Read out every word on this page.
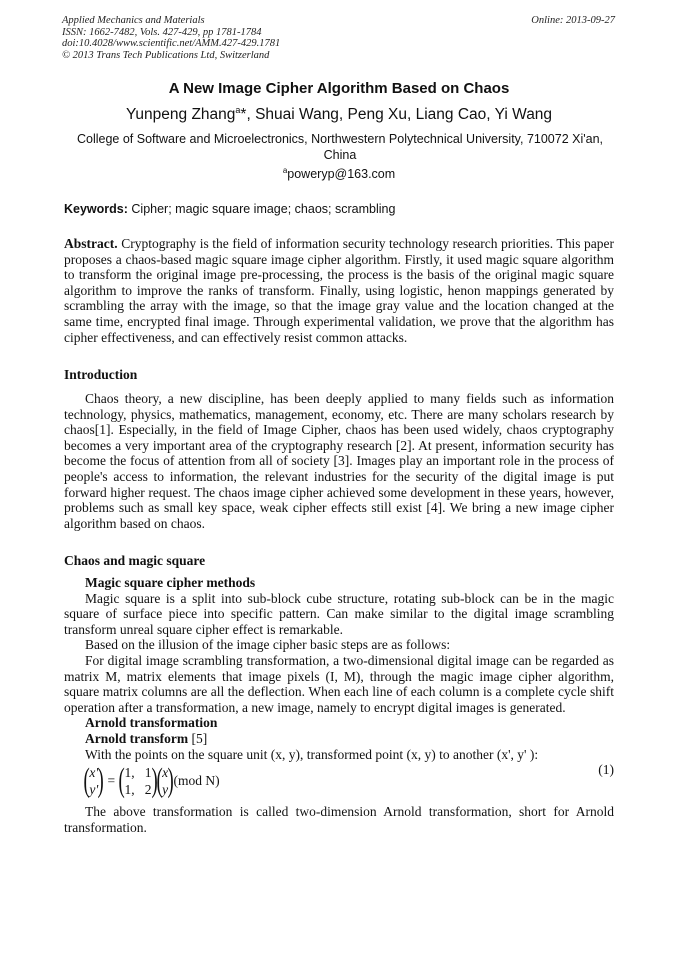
Applied Mechanics and Materials
ISSN: 1662-7482, Vols. 427-429, pp 1781-1784
doi:10.4028/www.scientific.net/AMM.427-429.1781
© 2013 Trans Tech Publications Ltd, Switzerland
Online: 2013-09-27
A New Image Cipher Algorithm Based on Chaos
Yunpeng Zhang$^a$*, Shuai Wang, Peng Xu, Liang Cao, Yi Wang
College of Software and Microelectronics, Northwestern Polytechnical University, 710072 Xi'an, China
$^a$poweryp@163.com
Keywords: Cipher; magic square image; chaos; scrambling
Abstract. Cryptography is the field of information security technology research priorities. This paper proposes a chaos-based magic square image cipher algorithm. Firstly, it used magic square algorithm to transform the original image pre-processing, the process is the basis of the original magic square algorithm to improve the ranks of transform. Finally, using logistic, henon mappings generated by scrambling the array with the image, so that the image gray value and the location changed at the same time, encrypted final image. Through experimental validation, we prove that the algorithm has cipher effectiveness, and can effectively resist common attacks.
Introduction

Chaos theory, a new discipline, has been deeply applied to many fields such as information technology, physics, mathematics, management, economy, etc. There are many scholars research by chaos[1]. Especially, in the field of Image Cipher, chaos has been used widely, chaos cryptography becomes a very important area of the cryptography research [2]. At present, information security has become the focus of attention from all of society [3]. Images play an important role in the process of people's access to information, the relevant industries for the security of the digital image is put forward higher request. The chaos image cipher achieved some development in these years, however, problems such as small key space, weak cipher effects still exist [4]. We bring a new image cipher algorithm based on chaos.

Chaos and magic square

Magic square cipher methods

Magic square is a split into sub-block cube structure, rotating sub-block can be in the magic square of surface piece into specific pattern. Can make similar to the digital image scrambling transform unreal square cipher effect is remarkable.

Based on the illusion of the image cipher basic steps are as follows:

For digital image scrambling transformation, a two-dimensional digital image can be regarded as matrix M, matrix elements that image pixels (I, M), through the magic image cipher algorithm, square matrix columns are all the deflection. When each line of each column is a complete cycle shift operation after a transformation, a new image, namely to encrypt digital images is generated.

Arnold transformation

Arnold transform [5]

With the points on the square unit (x, y), transformed point (x, y) to another (x', y' ):

(x'
y') = (1,   1
1,   2)(x
y)(mod N)
(1)

The above transformation is called two-dimension Arnold transformation, short for Arnold transformation.
